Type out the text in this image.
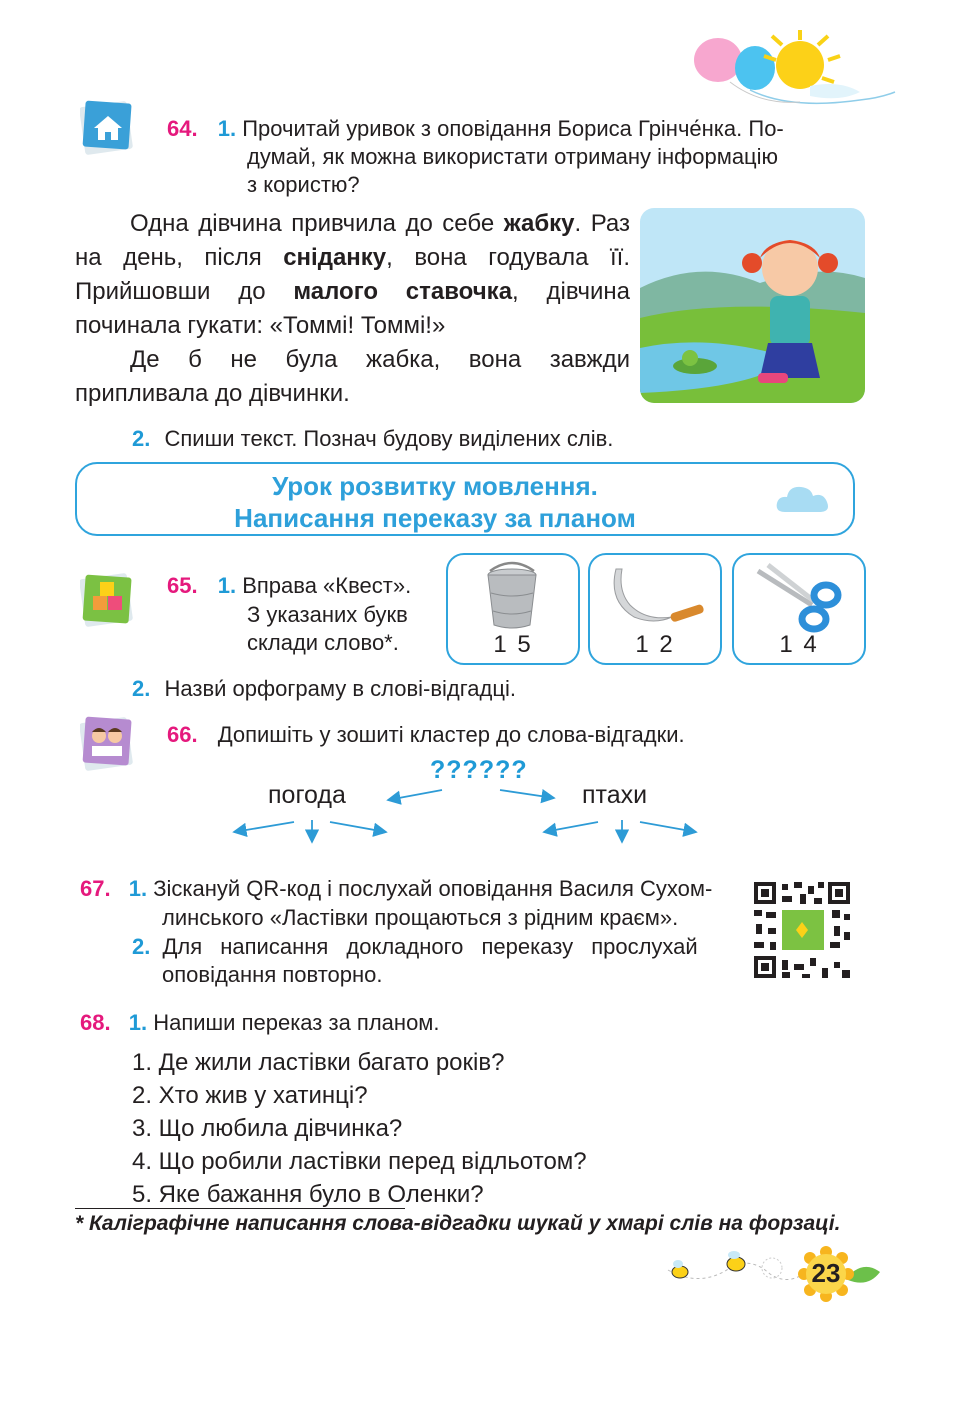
64. 1. Прочитай уривок з оповідання Бориса Грінче́нка. По-
думай, як можна використати отриману інформацію
з користю?

Одна дівчина привчила до себе жабку. Раз на день, після сніданку, вона годувала її. Прийшовши до малого ставочка, дівчина починала гукати: «Томмі! Томмі!»

Де б не була жабка, вона завжди припливала до дівчинки.

2. Спиши текст. Познач будову виділених слів.
Урок розвитку мовлення.
Написання переказу за планом
65. 1. Вправа «Квест».
З указаних букв
склади слово*.	1 5	1 2	1 4
2. Назви́ орфограму в слові-відгадці.
66. Допишіть у зошиті кластер до слова-відгадки.
??????
погода	птахи
67. 1. Зіскануй QR-код і послухай оповідання Василя Сухом-
линського «Ластівки прощаються з рідним краєм».
2. Для написання докладного переказу прослухай
оповідання повторно.
68. 1. Напиши переказ за планом.
1. Де жили ластівки багато років?
2. Хто жив у хатинці?
3. Що любила дівчинка?
4. Що робили ластівки перед відльотом?
5. Яке бажання було в Оленки?
* Каліграфічне написання слова-відгадки шукай у хмарі слів на форзаці.
23
